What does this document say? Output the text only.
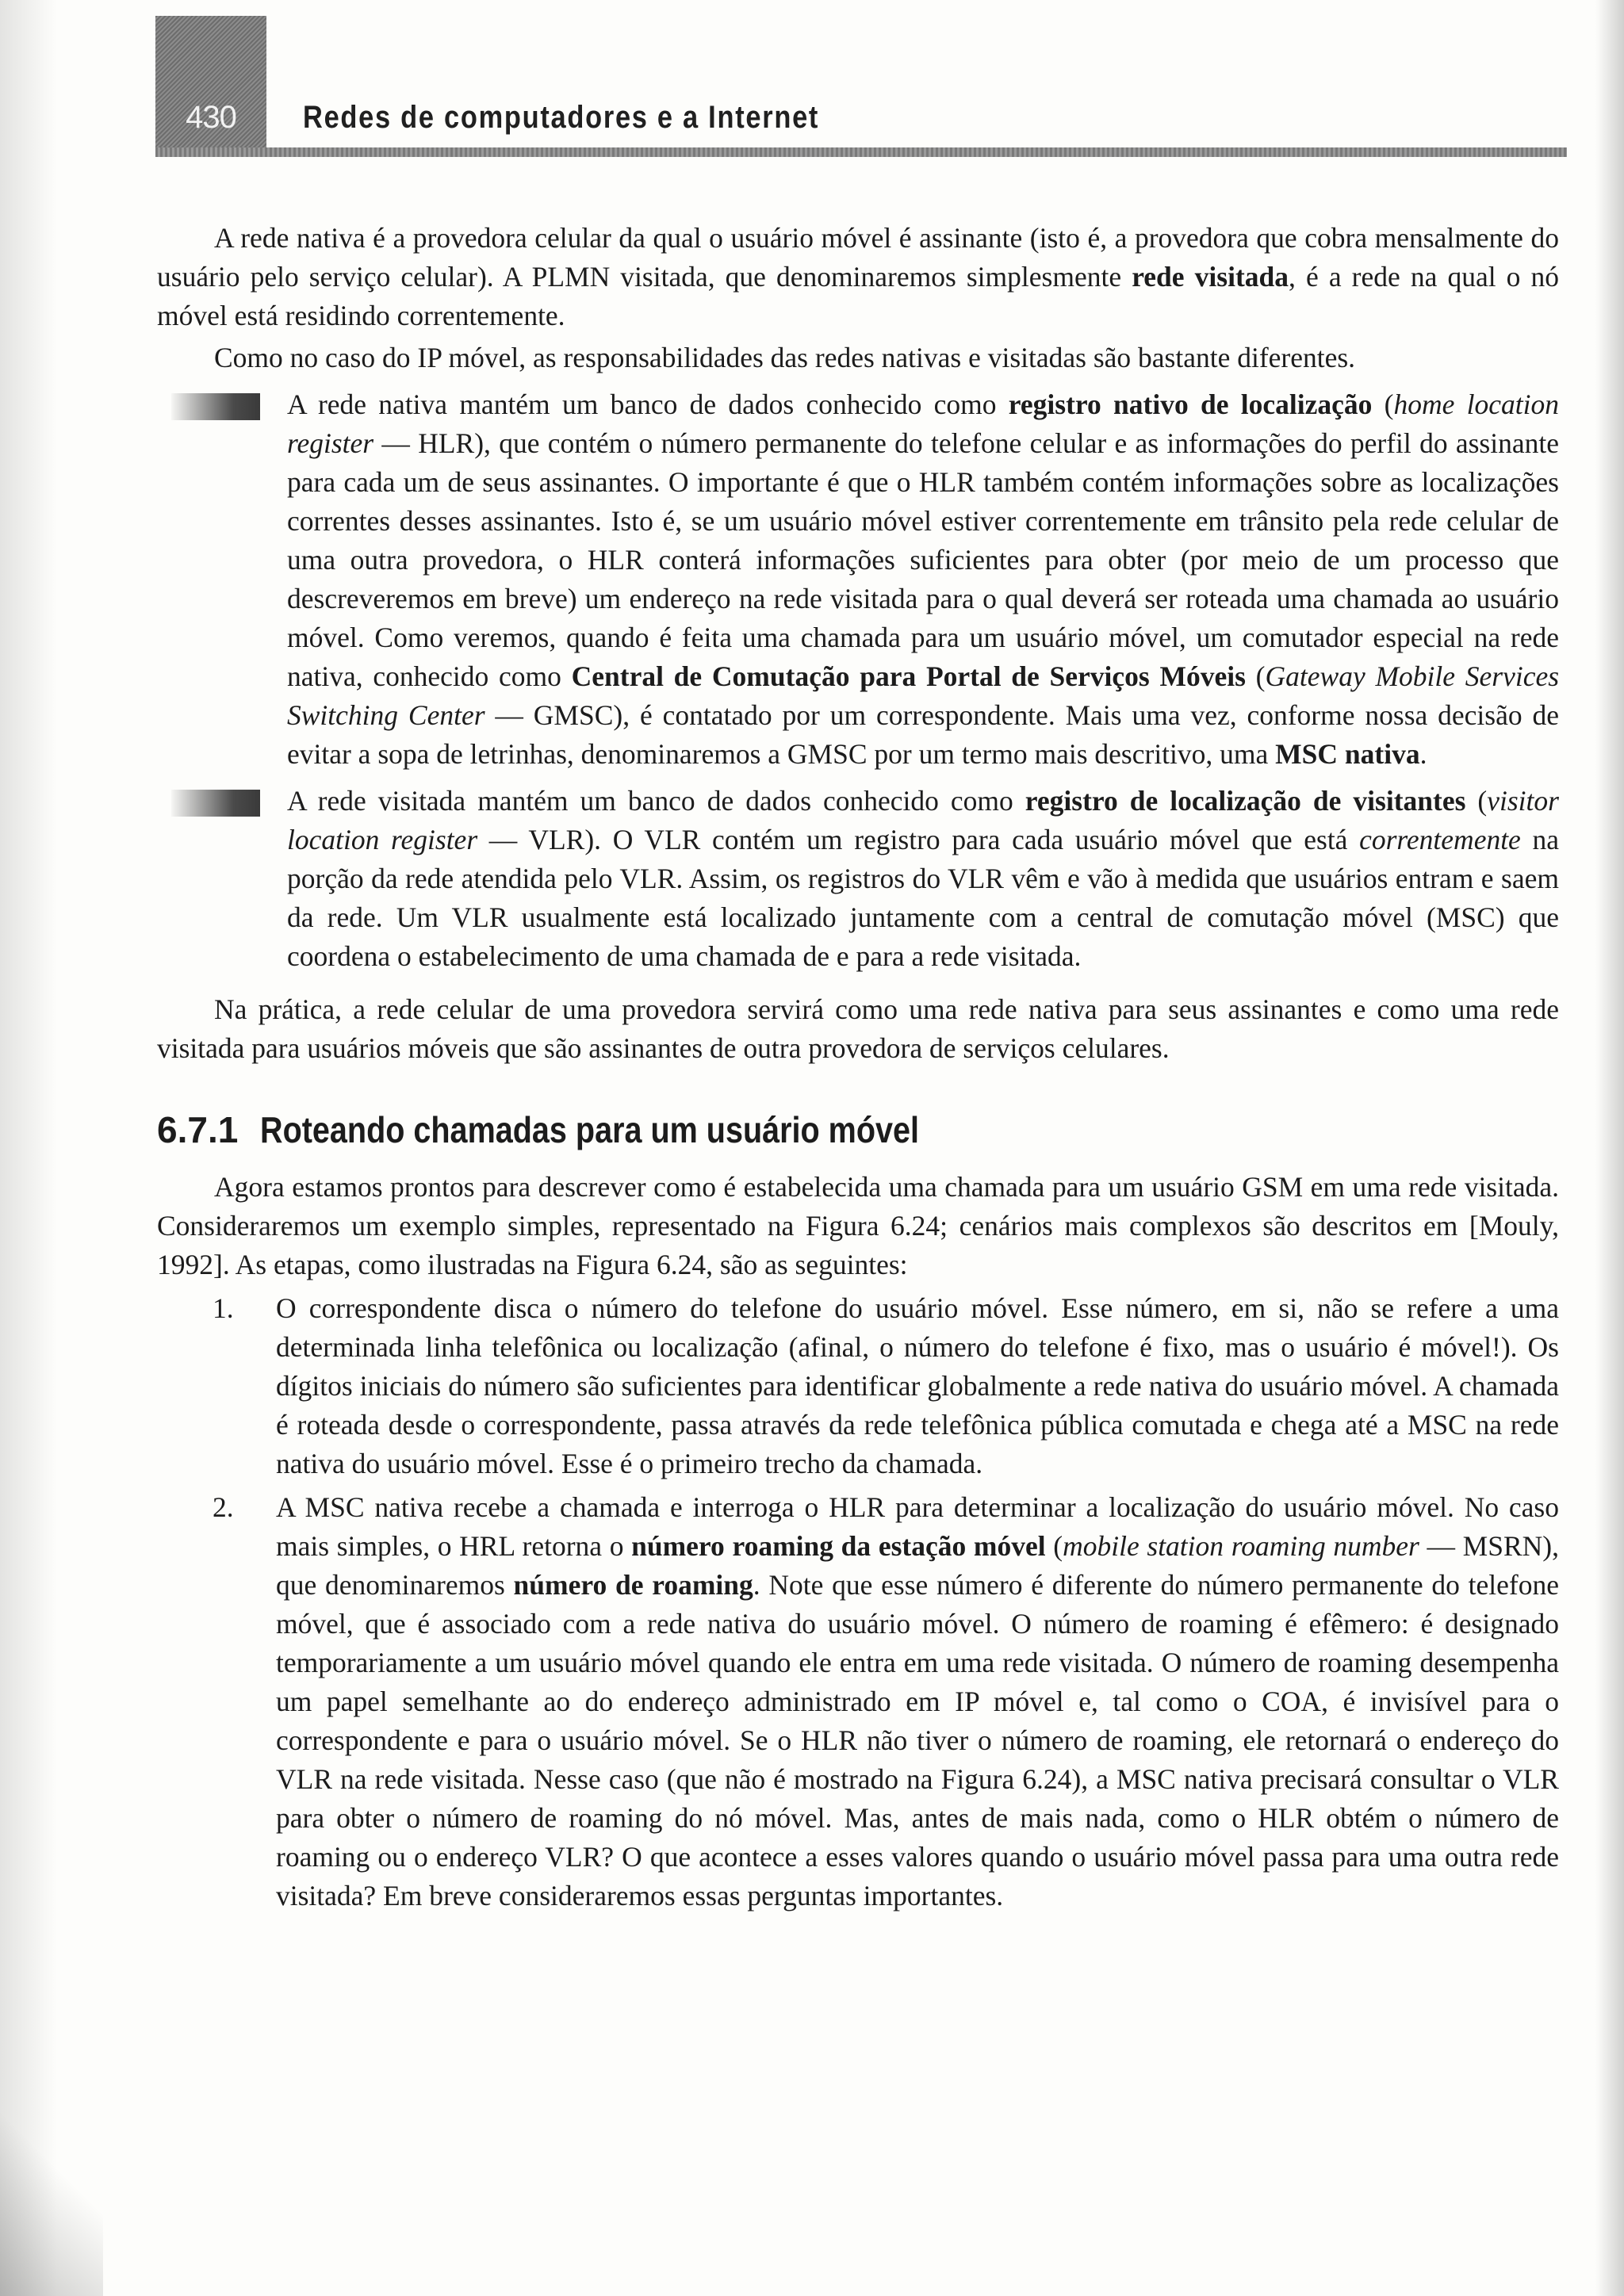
430	Redes de computadores e a Internet

A rede nativa é a provedora celular da qual o usuário móvel é assinante (isto é, a provedora que cobra mensalmente do usuário pelo serviço celular). A PLMN visitada, que denominaremos simplesmente rede visitada, é a rede na qual o nó móvel está residindo correntemente.

Como no caso do IP móvel, as responsabilidades das redes nativas e visitadas são bastante diferentes.

A rede nativa mantém um banco de dados conhecido como registro nativo de localização (home location register — HLR), que contém o número permanente do telefone celular e as informações do perfil do assinante para cada um de seus assinantes. O importante é que o HLR também contém informações sobre as localizações correntes desses assinantes. Isto é, se um usuário móvel estiver correntemente em trânsito pela rede celular de uma outra provedora, o HLR conterá informações suficientes para obter (por meio de um processo que descreveremos em breve) um endereço na rede visitada para o qual deverá ser roteada uma chamada ao usuário móvel. Como veremos, quando é feita uma chamada para um usuário móvel, um comutador especial na rede nativa, conhecido como Central de Comutação para Portal de Serviços Móveis (Gateway Mobile Services Switching Center — GMSC), é contatado por um correspondente. Mais uma vez, conforme nossa decisão de evitar a sopa de letrinhas, denominaremos a GMSC por um termo mais descritivo, uma MSC nativa.

A rede visitada mantém um banco de dados conhecido como registro de localização de visitantes (visitor location register — VLR). O VLR contém um registro para cada usuário móvel que está correntemente na porção da rede atendida pelo VLR. Assim, os registros do VLR vêm e vão à medida que usuários entram e saem da rede. Um VLR usualmente está localizado juntamente com a central de comutação móvel (MSC) que coordena o estabelecimento de uma chamada de e para a rede visitada.

Na prática, a rede celular de uma provedora servirá como uma rede nativa para seus assinantes e como uma rede visitada para usuários móveis que são assinantes de outra provedora de serviços celulares.

6.7.1 Roteando chamadas para um usuário móvel

Agora estamos prontos para descrever como é estabelecida uma chamada para um usuário GSM em uma rede visitada. Consideraremos um exemplo simples, representado na Figura 6.24; cenários mais complexos são descritos em [Mouly, 1992]. As etapas, como ilustradas na Figura 6.24, são as seguintes:

1. O correspondente disca o número do telefone do usuário móvel. Esse número, em si, não se refere a uma determinada linha telefônica ou localização (afinal, o número do telefone é fixo, mas o usuário é móvel!). Os dígitos iniciais do número são suficientes para identificar globalmente a rede nativa do usuário móvel. A chamada é roteada desde o correspondente, passa através da rede telefônica pública comutada e chega até a MSC na rede nativa do usuário móvel. Esse é o primeiro trecho da chamada.

2. A MSC nativa recebe a chamada e interroga o HLR para determinar a localização do usuário móvel. No caso mais simples, o HRL retorna o número roaming da estação móvel (mobile station roaming number — MSRN), que denominaremos número de roaming. Note que esse número é diferente do número permanente do telefone móvel, que é associado com a rede nativa do usuário móvel. O número de roaming é efêmero: é designado temporariamente a um usuário móvel quando ele entra em uma rede visitada. O número de roaming desempenha um papel semelhante ao do endereço administrado em IP móvel e, tal como o COA, é invisível para o correspondente e para o usuário móvel. Se o HLR não tiver o número de roaming, ele retornará o endereço do VLR na rede visitada. Nesse caso (que não é mostrado na Figura 6.24), a MSC nativa precisará consultar o VLR para obter o número de roaming do nó móvel. Mas, antes de mais nada, como o HLR obtém o número de roaming ou o endereço VLR? O que acontece a esses valores quando o usuário móvel passa para uma outra rede visitada? Em breve consideraremos essas perguntas importantes.
